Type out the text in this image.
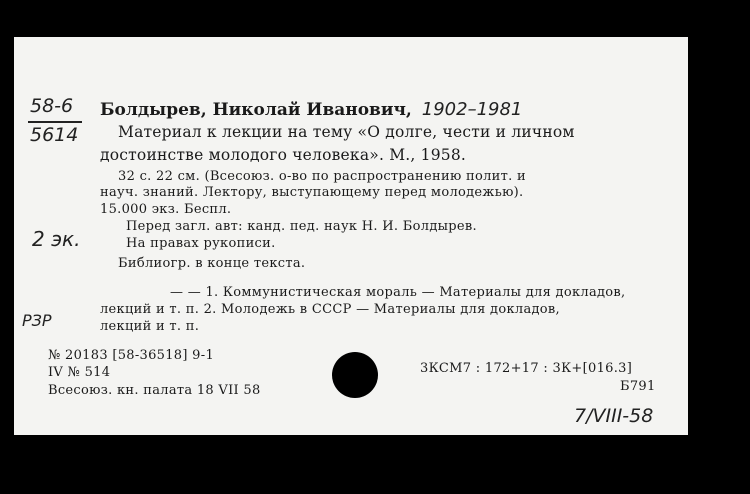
58-6
5614
Болдырев, Николай Иванович, 1902–1981
Материал к лекции на тему «О долге, чести и личном
достоинстве молодого человека». М., 1958.
32 с. 22 см. (Всесоюз. о-во по распространению полит. и
науч. знаний. Лектору, выступающему перед молодежью).
15.000 экз. Беспл.
2 эк.
Перед загл. авт: канд. пед. наук Н. И. Болдырев.
На правах рукописи.
Библиогр. в конце текста.
— — 1. Коммунистическая мораль — Материалы для докладов,
лекций и т. п. 2. Молодежь в СССР — Материалы для докладов,
лекций и т. п.
РЗР
№ 20183 [58-36518] 9-1
IV № 514
Всесоюз. кн. палата 18 VII 58
3КСМ7 : 172+17 : 3К+[016.3]
Б791
7/VIII-58
